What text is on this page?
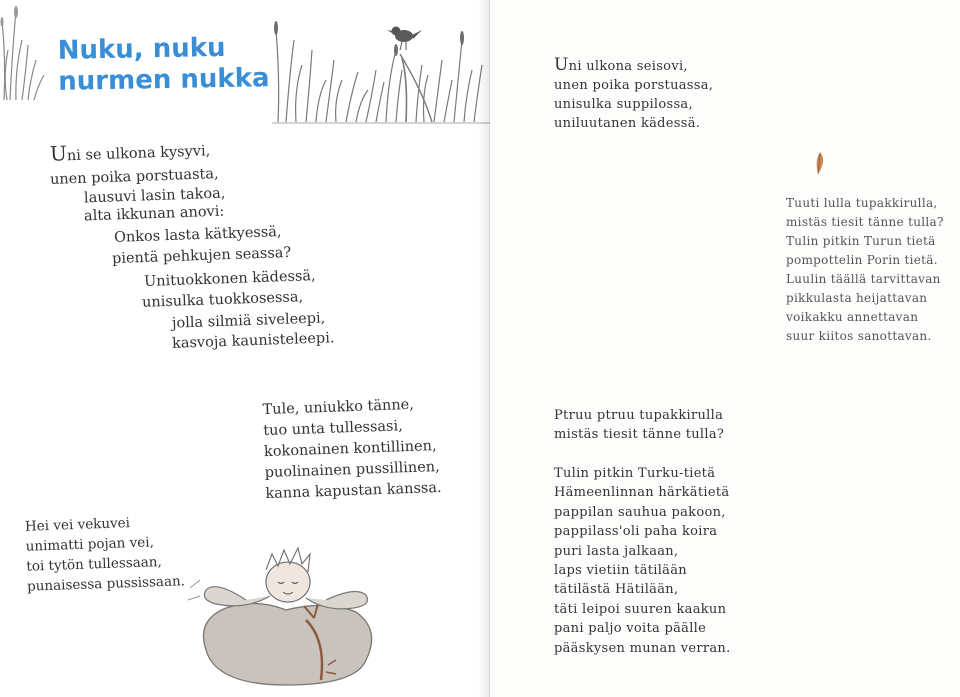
Nuku, nuku
nurmen nukka
Uni se ulkona kysyvi,
unen poika porstuasta,
lausuvi lasin takoa,
alta ikkunan anovi:
Onkos lasta kätkyessä,
pientä pehkujen seassa?
Unituokkonen kädessä,
unisulka tuokkosessa,
jolla silmiä siveleepi,
kasvoja kaunisteleepi.
Tule, uniukko tänne,
tuo unta tullessasi,
kokonainen kontillinen,
puolinainen pussillinen,
kanna kapustan kanssa.
Hei vei vekuvei
unimatti pojan vei,
toi tytön tullessaan,
punaisessa pussissaan.
Uni ulkona seisovi,
unen poika porstuassa,
unisulka suppilossa,
uniluutanen kädessä.
Tuuti lulla tupakkirulla,
mistäs tiesit tänne tulla?
Tulin pitkin Turun tietä
pompottelin Porin tietä.
Luulin täällä tarvittavan
pikkulasta heijattavan
voikakku annettavan
suur kiitos sanottavan.
Ptruu ptruu tupakkirulla
mistäs tiesit tänne tulla?
Tulin pitkin Turku-tietä
Hämeenlinnan härkätietä
pappilan sauhua pakoon,
pappilass'oli paha koira
puri lasta jalkaan,
laps vietiin tätilään
tätilästä Hätilään,
täti leipoi suuren kaakun
pani paljo voita päälle
pääskysen munan verran.
